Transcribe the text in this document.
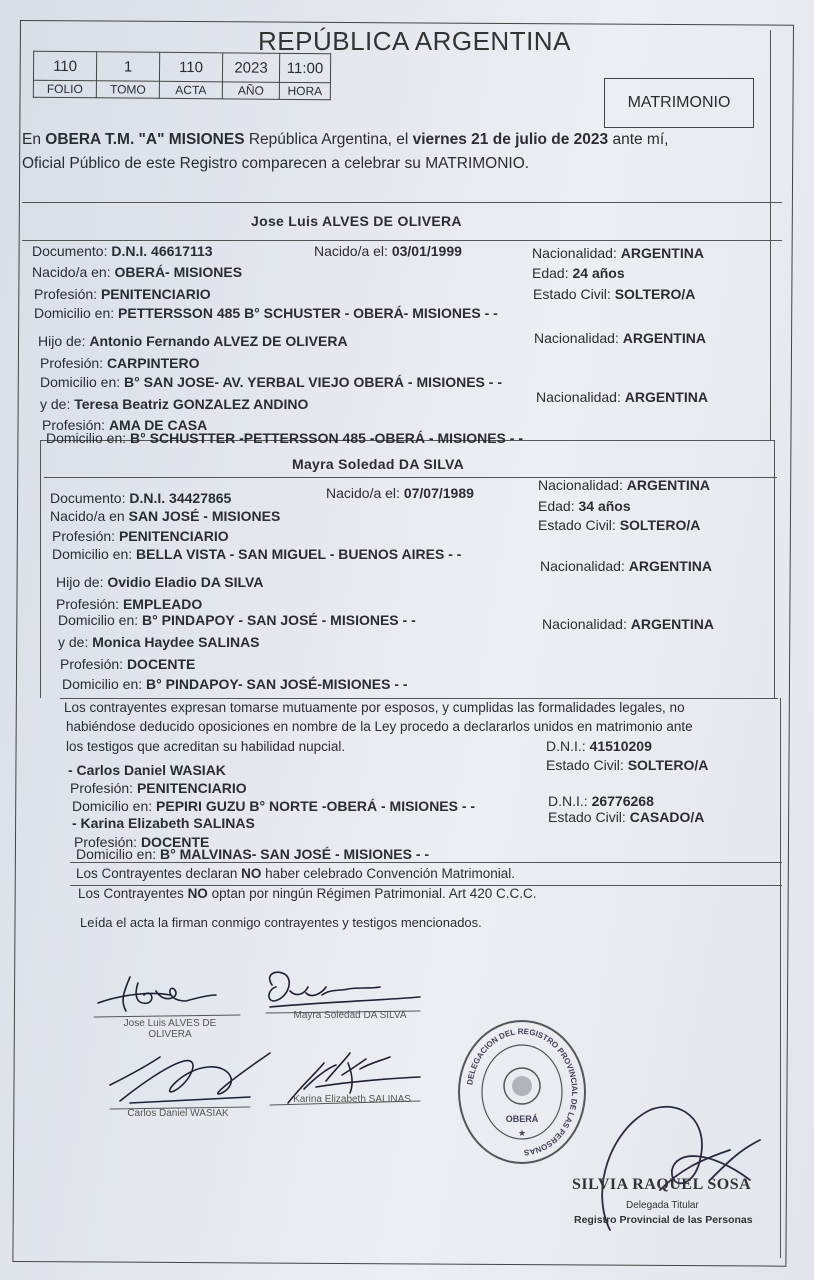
REPÚBLICA ARGENTINA
110	1	110	2023	11:00
FOLIO	TOMO	ACTA	AÑO	HORA
MATRIMONIO
En OBERA T.M. "A" MISIONES República Argentina, el viernes 21 de julio de 2023 ante mí,
Oficial Público de este Registro comparecen a celebrar su MATRIMONIO.
Jose Luis ALVES DE OLIVERA
Documento: D.N.I. 46617113	Nacido/a el: 03/01/1999	Nacionalidad: ARGENTINA
Nacido/a en: OBERÁ- MISIONES	Edad: 24 años
Profesión: PENITENCIARIO	Estado Civil: SOLTERO/A
Domicilio en: PETTERSSON 485 B° SCHUSTER - OBERÁ- MISIONES - -
Hijo de: Antonio Fernando ALVEZ DE OLIVERA	Nacionalidad: ARGENTINA
Profesión: CARPINTERO
Domicilio en: B° SAN JOSE- AV. YERBAL VIEJO OBERÁ - MISIONES - -
y de: Teresa Beatriz GONZALEZ ANDINO	Nacionalidad: ARGENTINA
Profesión: AMA DE CASA
Domicilio en: B° SCHUSTTER -PETTERSSON 485 -OBERÁ - MISIONES - -
Mayra Soledad DA SILVA
Documento: D.N.I. 34427865	Nacido/a el: 07/07/1989	Nacionalidad: ARGENTINA
Edad: 34 años
Nacido/a en SAN JOSÉ - MISIONES
Estado Civil: SOLTERO/A
Profesión: PENITENCIARIO
Domicilio en: BELLA VISTA - SAN MIGUEL - BUENOS AIRES - -
Hijo de: Ovidio Eladio DA SILVA
Nacionalidad: ARGENTINA
Profesión: EMPLEADO
Domicilio en: B° PINDAPOY - SAN JOSÉ - MISIONES - -
y de: Monica Haydee SALINAS
Nacionalidad: ARGENTINA
Profesión: DOCENTE
Domicilio en: B° PINDAPOY- SAN JOSÉ-MISIONES - -
Los contrayentes expresan tomarse mutuamente por esposos, y cumplidas las formalidades legales, no
habiéndose deducido oposiciones en nombre de la Ley procedo a declararlos unidos en matrimonio ante
los testigos que acreditan su habilidad nupcial.
- Carlos Daniel WASIAK
D.N.I.: 41510209
Estado Civil: SOLTERO/A
Profesión: PENITENCIARIO
Domicilio en: PEPIRI GUZU B° NORTE -OBERÁ - MISIONES - -
- Karina Elizabeth SALINAS
D.N.I.: 26776268
Estado Civil: CASADO/A
Profesión: DOCENTE
Domicilio en: B° MALVINAS- SAN JOSÉ - MISIONES - -
Los Contrayentes declaran NO haber celebrado Convención Matrimonial.
Los Contrayentes NO optan por ningún Régimen Patrimonial. Art 420 C.C.C.
Leída el acta la firman conmigo contrayentes y testigos mencionados.
Jose Luis ALVES DE
OLIVERA
Mayra Soledad DA SILVA
Carlos Daniel WASIAK
Karina Elizabeth SALINAS
DELEGACION DEL REGISTRO PROVINCIAL DE LAS PERSONAS
OBERÁ
★
SILVIA RAQUEL SOSA
Delegada Titular
Registro Provincial de las Personas
